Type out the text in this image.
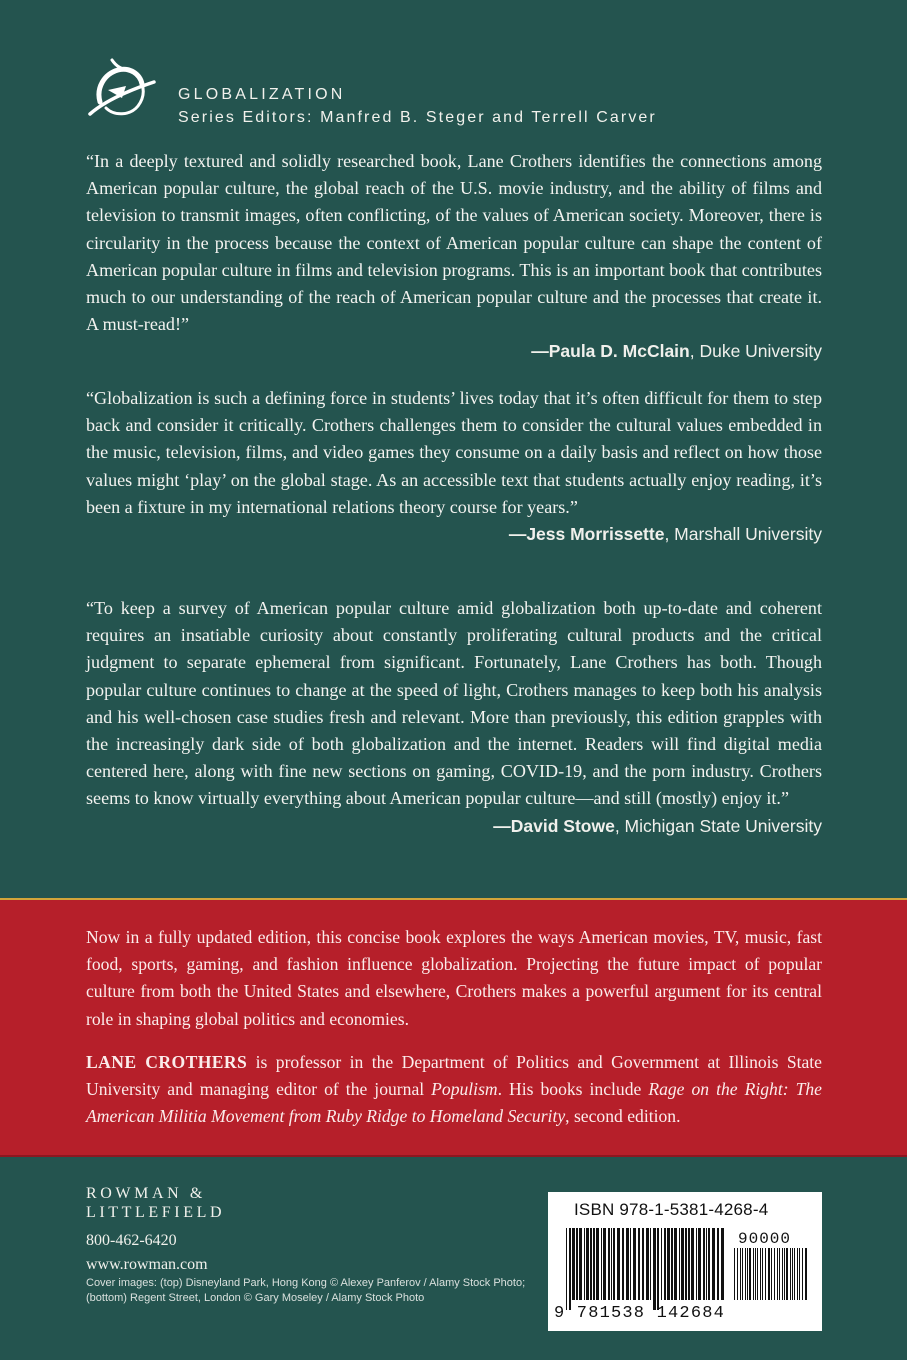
GLOBALIZATION
Series Editors: Manfred B. Steger and Terrell Carver

“In a deeply textured and solidly researched book, Lane Crothers identifies the connections among American popular culture, the global reach of the U.S. movie industry, and the ability of films and television to transmit images, often conflicting, of the values of American society. Moreover, there is circularity in the process because the context of American popular culture can shape the content of American popular culture in films and television programs. This is an important book that contributes much to our understanding of the reach of American popular culture and the processes that create it. A must-read!”

—Paula D. McClain, Duke University

“Globalization is such a defining force in students’ lives today that it’s often difficult for them to step back and consider it critically. Crothers challenges them to consider the cultural values embedded in the music, television, films, and video games they consume on a daily basis and reflect on how those values might ‘play’ on the global stage. As an accessible text that students actually enjoy reading, it’s been a fixture in my international relations theory course for years.”

—Jess Morrissette, Marshall University

“To keep a survey of American popular culture amid globalization both up-to-date and coherent requires an insatiable curiosity about constantly proliferating cultural products and the critical judgment to separate ephemeral from significant. Fortunately, Lane Crothers has both. Though popular culture continues to change at the speed of light, Crothers manages to keep both his analysis and his well-chosen case studies fresh and relevant. More than previously, this edition grapples with the increasingly dark side of both globalization and the internet. Readers will find digital media centered here, along with fine new sections on gaming, COVID-19, and the porn industry. Crothers seems to know virtually everything about American popular culture—and still (mostly) enjoy it.”

—David Stowe, Michigan State University
Now in a fully updated edition, this concise book explores the ways American movies, TV, music, fast food, sports, gaming, and fashion influence globalization. Projecting the future impact of popular culture from both the United States and elsewhere, Crothers makes a powerful argument for its central role in shaping global politics and economies.
LANE CROTHERS is professor in the Department of Politics and Government at Illinois State University and managing editor of the journal Populism. His books include Rage on the Right: The American Militia Movement from Ruby Ridge to Homeland Security, second edition.
ROWMAN &
LITTLEFIELD
800-462-6420
www.rowman.com
Cover images: (top) Disneyland Park, Hong Kong © Alexey Panferov / Alamy Stock Photo;
(bottom) Regent Street, London © Gary Moseley / Alamy Stock Photo
ISBN 978-1-5381-4268-4
90000
9 781538 142684
